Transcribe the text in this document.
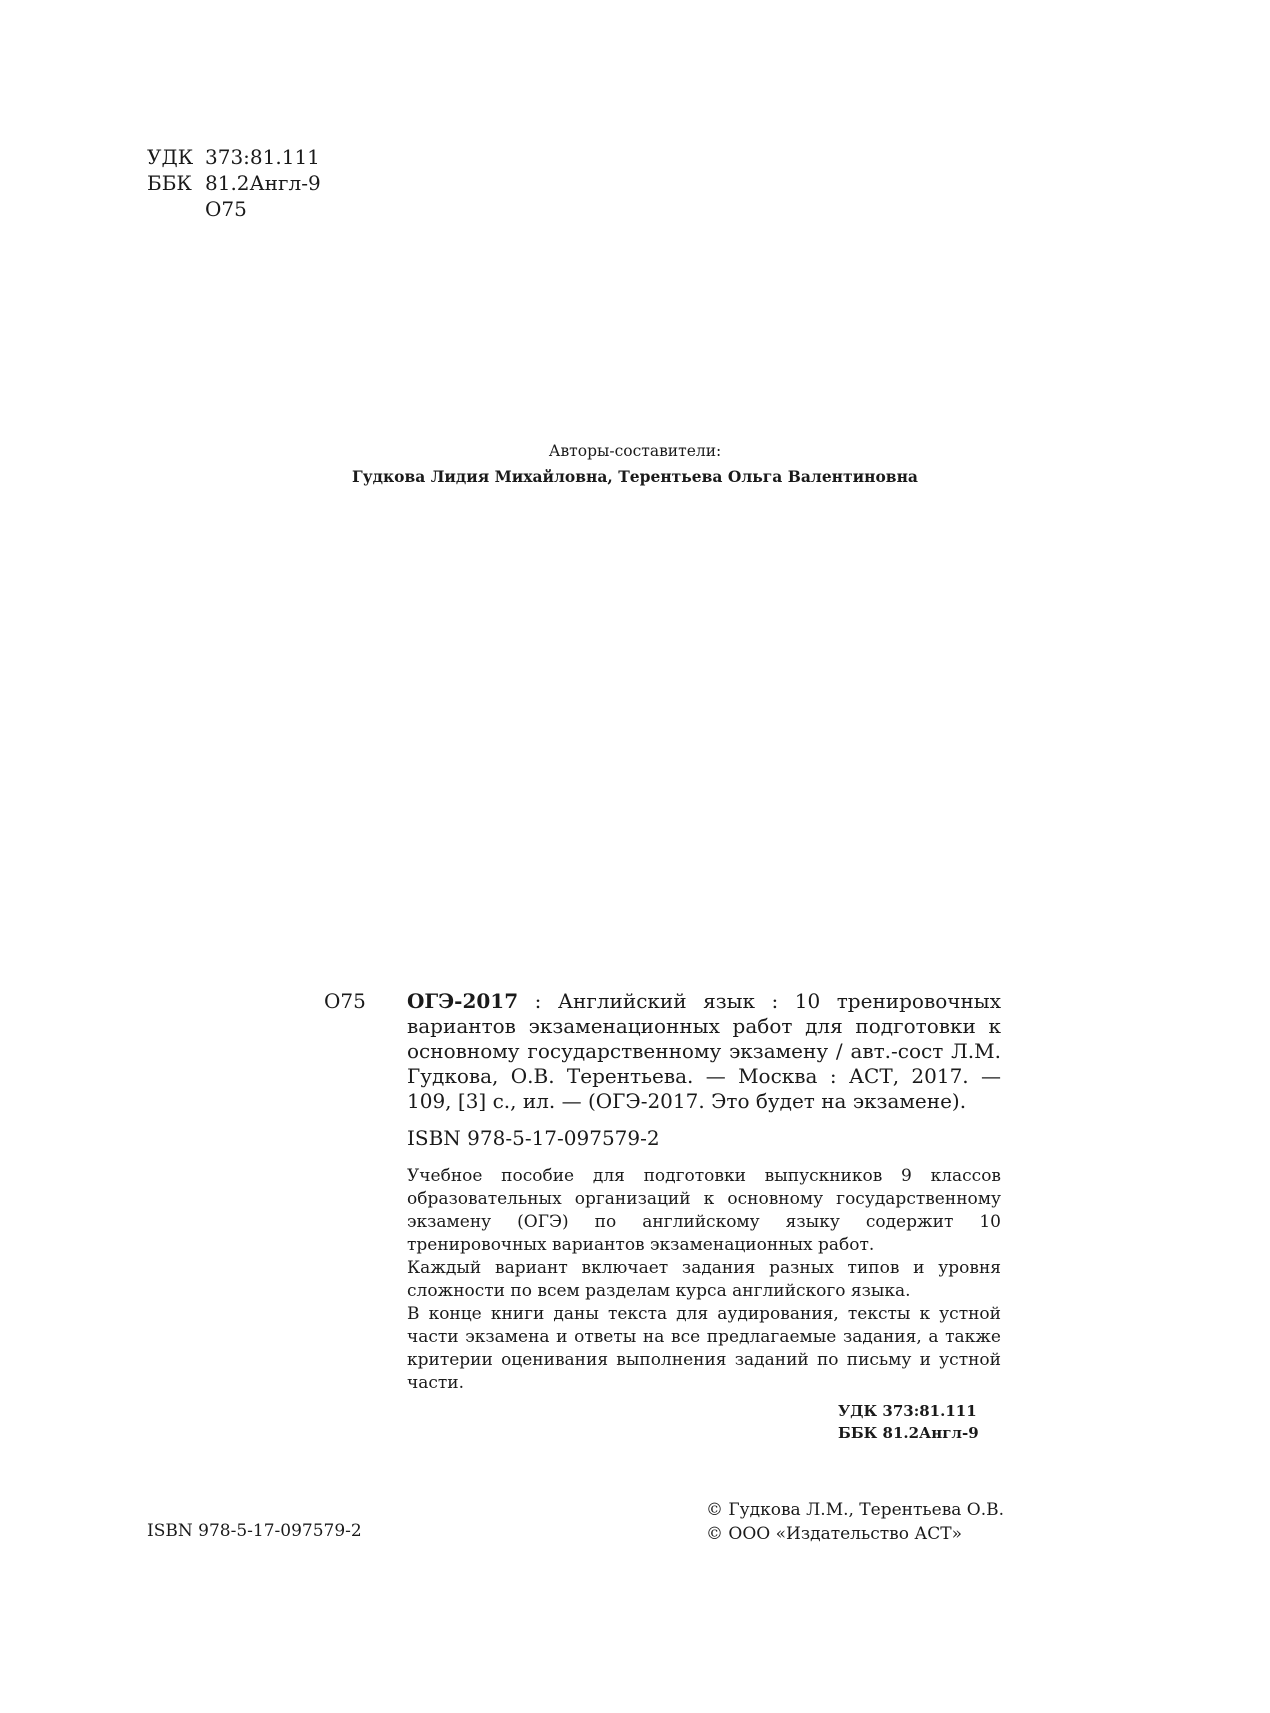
УДК 373:81.111
ББК 81.2Англ-9
О75
Авторы-составители:
Гудкова Лидия Михайловна, Терентьева Ольга Валентиновна
О75 ОГЭ-2017 : Английский язык : 10 тренировочных вариантов экзаменационных работ для подготовки к основному государственному экзамену / авт.-сост Л.М. Гудкова, О.В. Терентьева. — Москва : АСТ, 2017. — 109, [3] с., ил. — (ОГЭ-2017. Это будет на экзамене).
ISBN 978-5-17-097579-2

Учебное пособие для подготовки выпускников 9 классов образовательных организаций к основному государственному экзамену (ОГЭ) по английскому языку содержит 10 тренировочных вариантов экзаменационных работ.

Каждый вариант включает задания разных типов и уровня сложности по всем разделам курса английского языка.

В конце книги даны текста для аудирования, тексты к устной части экзамена и ответы на все предлагаемые задания, а также критерии оценивания выполнения заданий по письму и устной части.

УДК 373:81.111
ББК 81.2Англ-9
ISBN 978-5-17-097579-2
© Гудкова Л.М., Терентьева О.В.
© ООО «Издательство АСТ»
